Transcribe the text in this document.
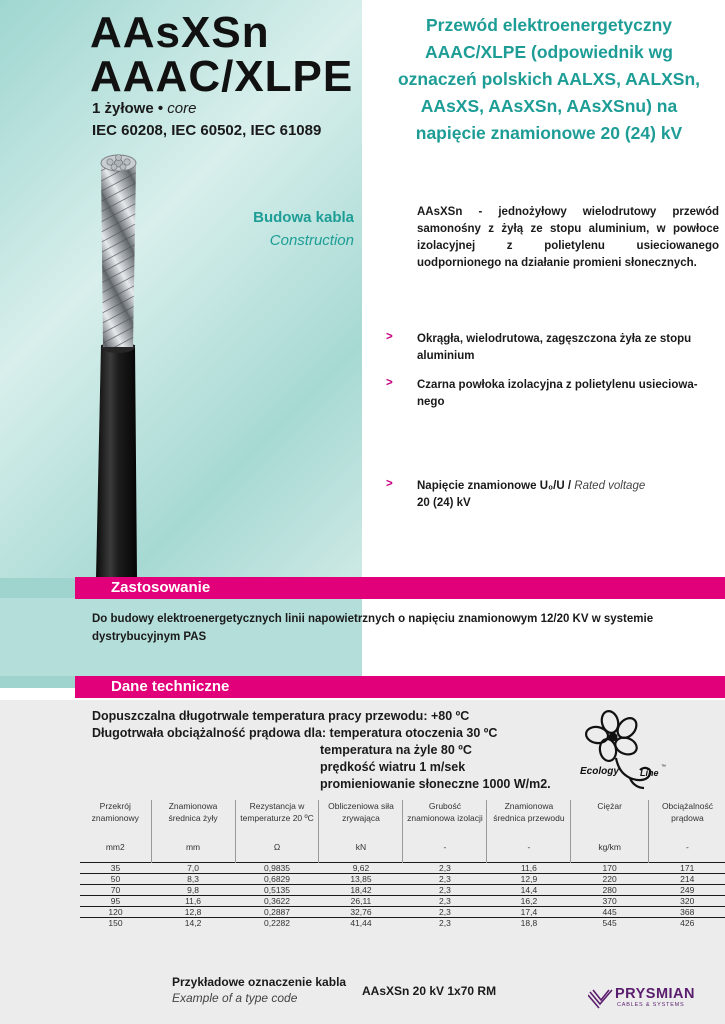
AAsXSn
AAAC/XLPE
1 żyłowe • core
IEC 60208, IEC 60502, IEC 61089
Przewód elektroenergetyczny
AAAC/XLPE (odpowiednik wg
oznaczeń polskich AALXS, AALXSn,
AAsXS, AAsXSn, AAsXSnu) na
napięcie znamionowe 20 (24) kV
Budowa kabla
Construction
AAsXSn - jednożyłowy wielodrutowy przewód samonośny z żyłą ze stopu aluminium, w powłoce izolacyjnej z polietylenu usieciowanego uodpornionego na działanie promieni słonecznych.
> Okrągła, wielodrutowa, zagęszczona żyła ze stopu
aluminium
> Czarna powłoka izolacyjna z polietylenu usieciowa-
nego
> Napięcie znamionowe U₀/U / Rated voltage
20 (24) kV
Zastosowanie
Do budowy elektroenergetycznych linii napowietrznych o napięciu znamionowym 12/20 KV w systemie dystrybucyjnym PAS
Dane techniczne
Dopuszczalna długotrwale temperatura pracy przewodu: +80 ºC
Długotrwała obciążalność prądowa dla: temperatura otoczenia 30 ºC
temperatura na żyle 80 ºC
prędkość wiatru 1 m/sek
promieniowanie słoneczne 1000 W/m2.
Ecology Line
™
Przekrój znamionowy	Znamionowa średnica żyły	Rezystancja w temperaturze 20 ºC	Obliczeniowa siła zrywająca	Grubość znamionowa izolacji	Znamionowa średnica przewodu	Ciężar	Obciążalność prądowa
mm2	mm	Ω	kN	-	-	kg/km	-
35	7,0	0,9835	9,62	2,3	11,6	170	171
50	8,3	0,6829	13,85	2,3	12,9	220	214
70	9,8	0,5135	18,42	2,3	14,4	280	249
95	11,6	0,3622	26,11	2,3	16,2	370	320
120	12,8	0,2887	32,76	2,3	17,4	445	368
150	14,2	0,2282	41,44	2,3	18,8	545	426
Przykładowe oznaczenie kabla
Example of a type code	AAsXSn 20 kV 1x70 RM	PRYSMIAN
CABLES & SYSTEMS
